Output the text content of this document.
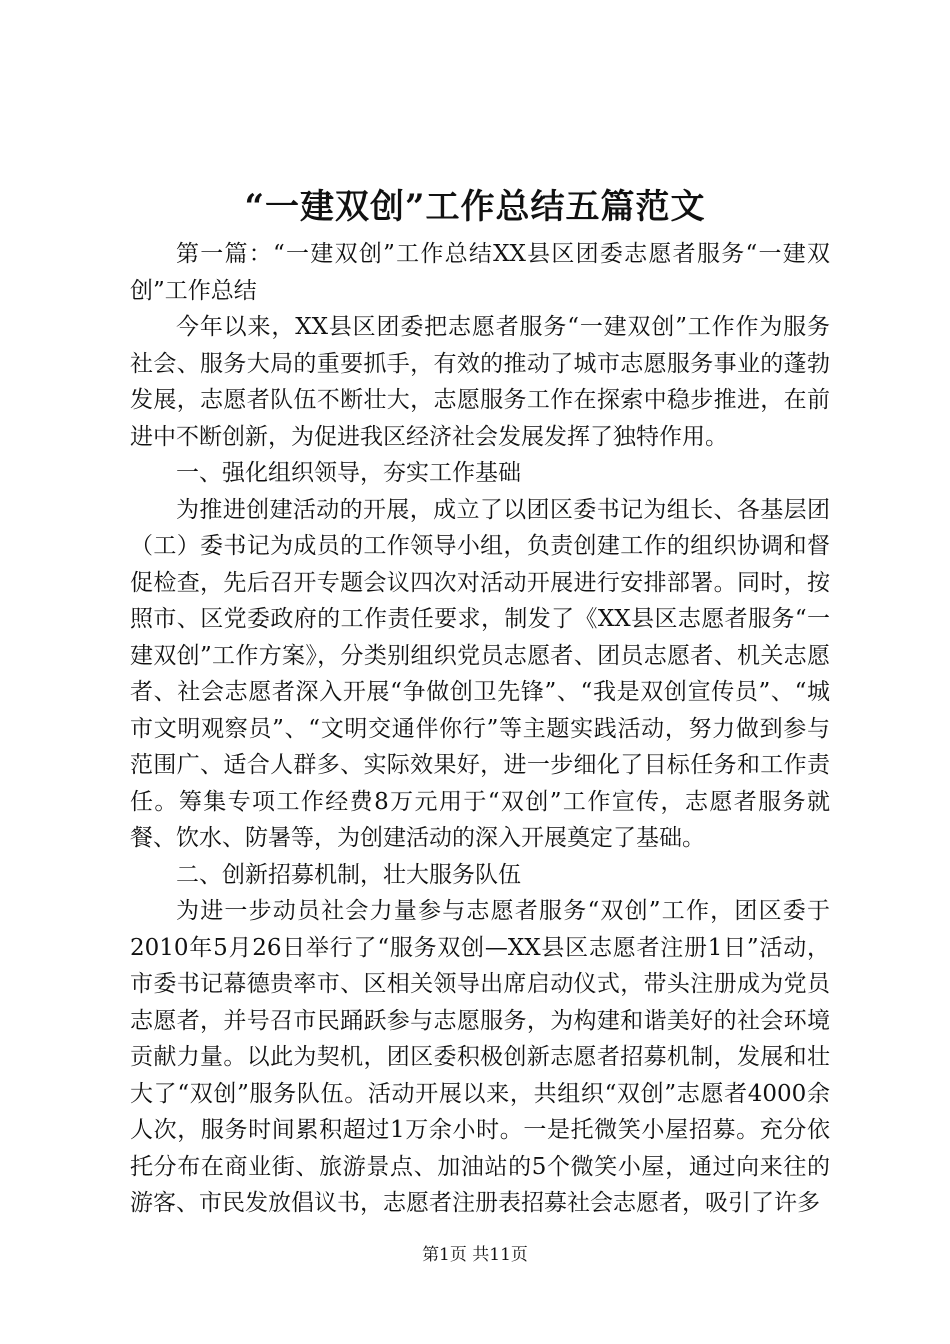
“一建双创”工作总结五篇范文

第一篇：“一建双创”工作总结XX县区团委志愿者服务“一建双创”工作总结

今年以来，XX县区团委把志愿者服务“一建双创”工作作为服务社会、服务大局的重要抓手，有效的推动了城市志愿服务事业的蓬勃发展，志愿者队伍不断壮大，志愿服务工作在探索中稳步推进，在前进中不断创新，为促进我区经济社会发展发挥了独特作用。

一、强化组织领导，夯实工作基础

为推进创建活动的开展，成立了以团区委书记为组长、各基层团（工）委书记为成员的工作领导小组，负责创建工作的组织协调和督促检查，先后召开专题会议四次对活动开展进行安排部署。同时，按照市、区党委政府的工作责任要求，制发了《XX县区志愿者服务“一建双创”工作方案》，分类别组织党员志愿者、团员志愿者、机关志愿者、社会志愿者深入开展“争做创卫先锋”、“我是双创宣传员”、“城市文明观察员”、“文明交通伴你行”等主题实践活动，努力做到参与范围广、适合人群多、实际效果好，进一步细化了目标任务和工作责任。筹集专项工作经费8万元用于“双创”工作宣传，志愿者服务就餐、饮水、防暑等，为创建活动的深入开展奠定了基础。

二、创新招募机制，壮大服务队伍

为进一步动员社会力量参与志愿者服务“双创”工作，团区委于2010年5月26日举行了“服务双创—XX县区志愿者注册1日”活动，市委书记幕德贵率市、区相关领导出席启动仪式，带头注册成为党员志愿者，并号召市民踊跃参与志愿服务，为构建和谐美好的社会环境贡献力量。以此为契机，团区委积极创新志愿者招募机制，发展和壮大了“双创”服务队伍。活动开展以来，共组织“双创”志愿者4000余人次，服务时间累积超过1万余小时。一是托微笑小屋招募。充分依托分布在商业街、旅游景点、加油站的5个微笑小屋，通过向来往的游客、市民发放倡议书，志愿者注册表招募社会志愿者，吸引了许多

第1页 共11页
